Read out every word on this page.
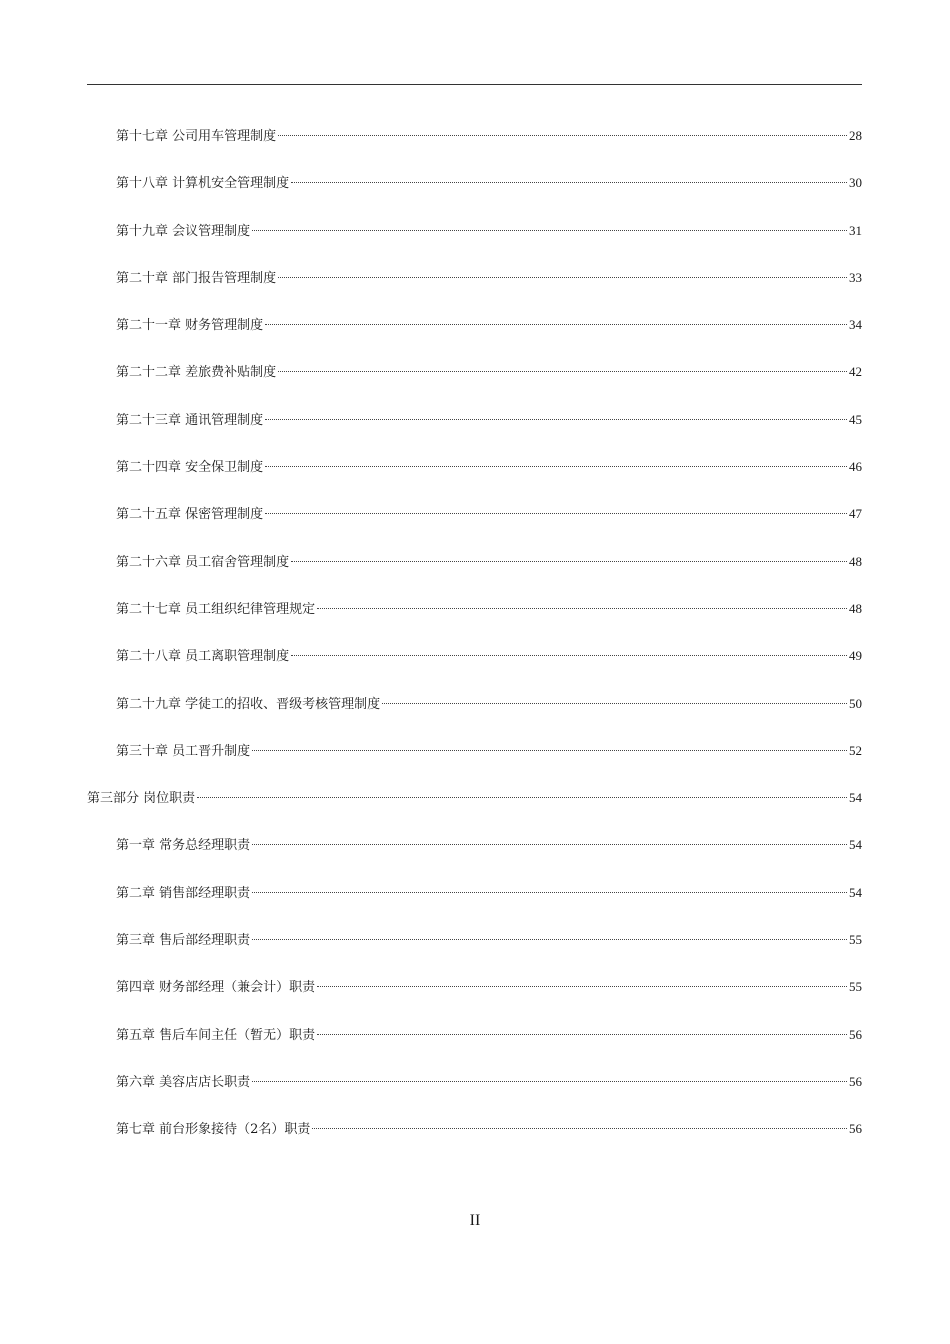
第十七章 公司用车管理制度	28
第十八章 计算机安全管理制度	30
第十九章 会议管理制度	31
第二十章 部门报告管理制度	33
第二十一章 财务管理制度	34
第二十二章 差旅费补贴制度	42
第二十三章 通讯管理制度	45
第二十四章 安全保卫制度	46
第二十五章 保密管理制度	47
第二十六章 员工宿舍管理制度	48
第二十七章 员工组织纪律管理规定	48
第二十八章 员工离职管理制度	49
第二十九章 学徒工的招收、晋级考核管理制度	50
第三十章 员工晋升制度	52
第三部分 岗位职责	54
第一章 常务总经理职责	54
第二章 销售部经理职责	54
第三章 售后部经理职责	55
第四章 财务部经理（兼会计）职责	55
第五章 售后车间主任（暂无）职责	56
第六章 美容店店长职责	56
第七章 前台形象接待（2名）职责	56
II
